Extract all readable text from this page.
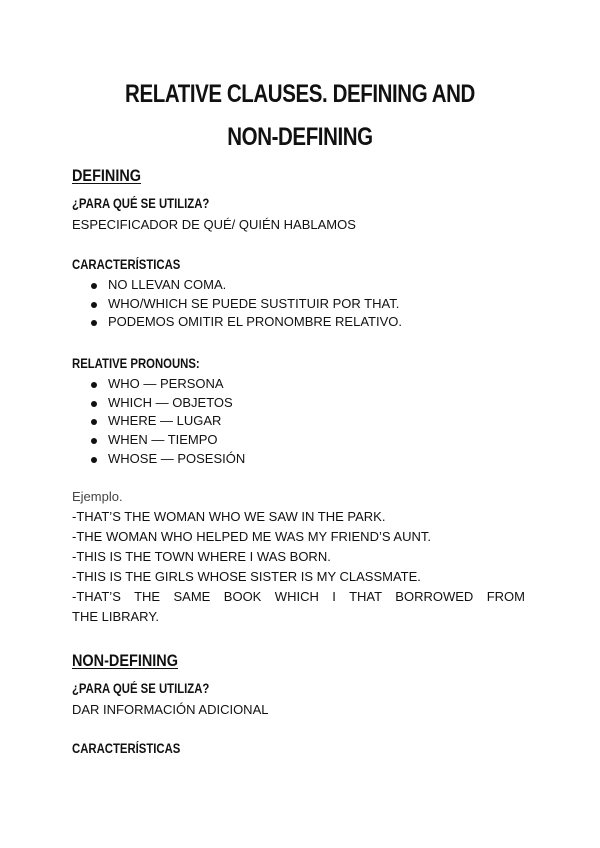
RELATIVE CLAUSES. DEFINING AND
NON-DEFINING
DEFINING
¿PARA QUÉ SE UTILIZA?

ESPECIFICADOR DE QUÉ/ QUIÉN HABLAMOS

CARACTERÍSTICAS
NO LLEVAN COMA.
WHO/WHICH SE PUEDE SUSTITUIR POR THAT.
PODEMOS OMITIR EL PRONOMBRE RELATIVO.
RELATIVE PRONOUNS:
WHO — PERSONA
WHICH — OBJETOS
WHERE — LUGAR
WHEN — TIEMPO
WHOSE — POSESIÓN
Ejemplo.
-THAT’S THE WOMAN WHO WE SAW IN THE PARK.
-THE WOMAN WHO HELPED ME WAS MY FRIEND’S AUNT.
-THIS IS THE TOWN WHERE I WAS BORN.
-THIS IS THE GIRLS WHOSE SISTER IS MY CLASSMATE.
-THAT’S THE SAME BOOK WHICH I THAT BORROWED FROM
THE LIBRARY.
NON-DEFINING
¿PARA QUÉ SE UTILIZA?

DAR INFORMACIÓN ADICIONAL

CARACTERÍSTICAS
